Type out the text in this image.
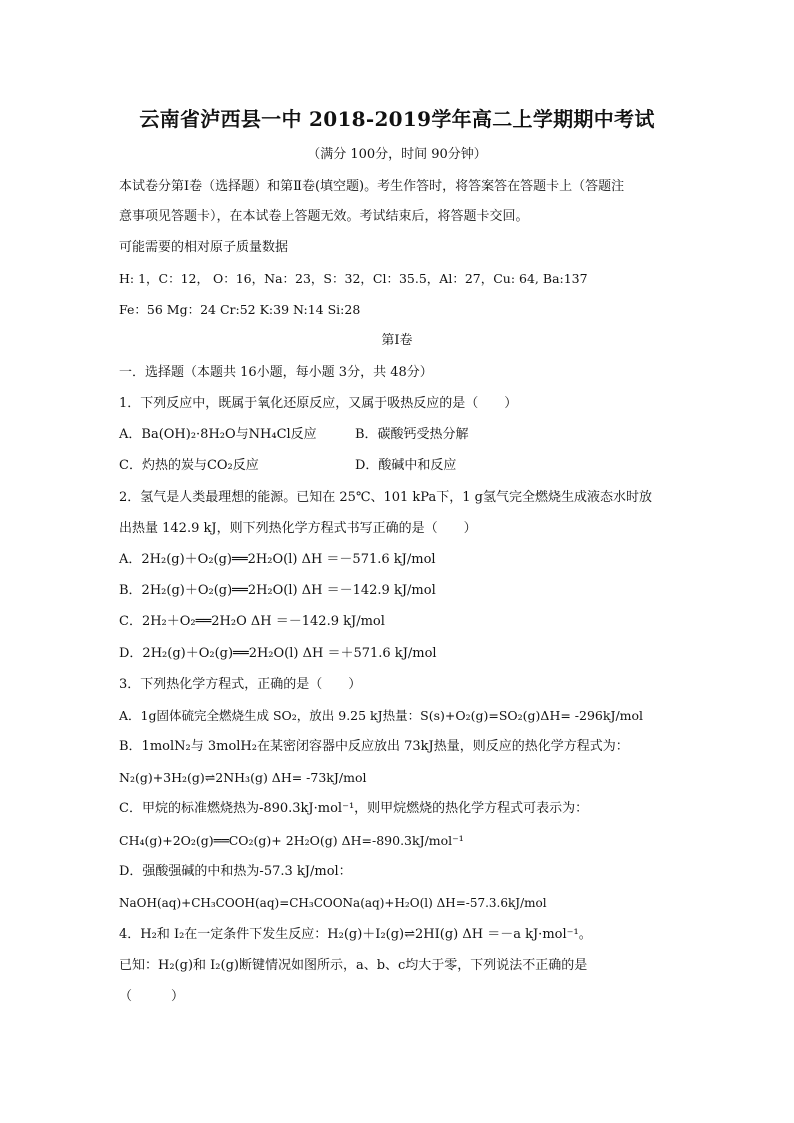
云南省泸西县一中 2018-2019学年高二上学期期中考试
（满分 100分，时间 90分钟）
本试卷分第Ⅰ卷（选择题）和第Ⅱ卷(填空题)。考生作答时，将答案答在答题卡上（答题注
意事项见答题卡），在本试卷上答题无效。考试结束后，将答题卡交回。
可能需要的相对原子质量数据
H: 1，C：12， O：16，Na：23，S：32，Cl：35.5，Al：27，Cu: 64, Ba:137
Fe：56 Mg：24 Cr:52 K:39 N:14 Si:28
第Ⅰ卷
一．选择题（本题共 16小题，每小题 3分，共 48分）
1．下列反应中，既属于氧化还原反应，又属于吸热反应的是（　　）
A．Ba(OH)₂·8H₂O与NH₄Cl反应	B．碳酸钙受热分解
C．灼热的炭与CO₂反应	D．酸碱中和反应
2．氢气是人类最理想的能源。已知在 25℃、101 kPa下，1 g氢气完全燃烧生成液态水时放
出热量 142.9 kJ，则下列热化学方程式书写正确的是（　　）
A．2H₂(g)＋O₂(g)══2H₂O(l) ΔH ＝－571.6 kJ/mol
B．2H₂(g)＋O₂(g)══2H₂O(l) ΔH ＝－142.9 kJ/mol
C．2H₂＋O₂══2H₂O ΔH ＝－142.9 kJ/mol
D．2H₂(g)＋O₂(g)══2H₂O(l) ΔH ＝＋571.6 kJ/mol
3．下列热化学方程式，正确的是（　　）
A．1g固体硫完全燃烧生成 SO₂，放出 9.25 kJ热量：S(s)+O₂(g)=SO₂(g)ΔH= -296kJ/mol
B．1molN₂与 3molH₂在某密闭容器中反应放出 73kJ热量，则反应的热化学方程式为：
N₂(g)+3H₂(g)⇌2NH₃(g) ΔH= -73kJ/mol
C．甲烷的标准燃烧热为-890.3kJ·mol⁻¹，则甲烷燃烧的热化学方程式可表示为：
CH₄(g)+2O₂(g)══CO₂(g)+ 2H₂O(g) ΔH=-890.3kJ/mol⁻¹
D．强酸强碱的中和热为-57.3 kJ/mol：
NaOH(aq)+CH₃COOH(aq)=CH₃COONa(aq)+H₂O(l) ΔH=-57.3.6kJ/mol
4．H₂和 I₂在一定条件下发生反应：H₂(g)＋I₂(g)⇌2HI(g) ΔH ＝－a kJ·mol⁻¹。
已知：H₂(g)和 I₂(g)断键情况如图所示，a、b、c均大于零，下列说法不正确的是
（　　　）
